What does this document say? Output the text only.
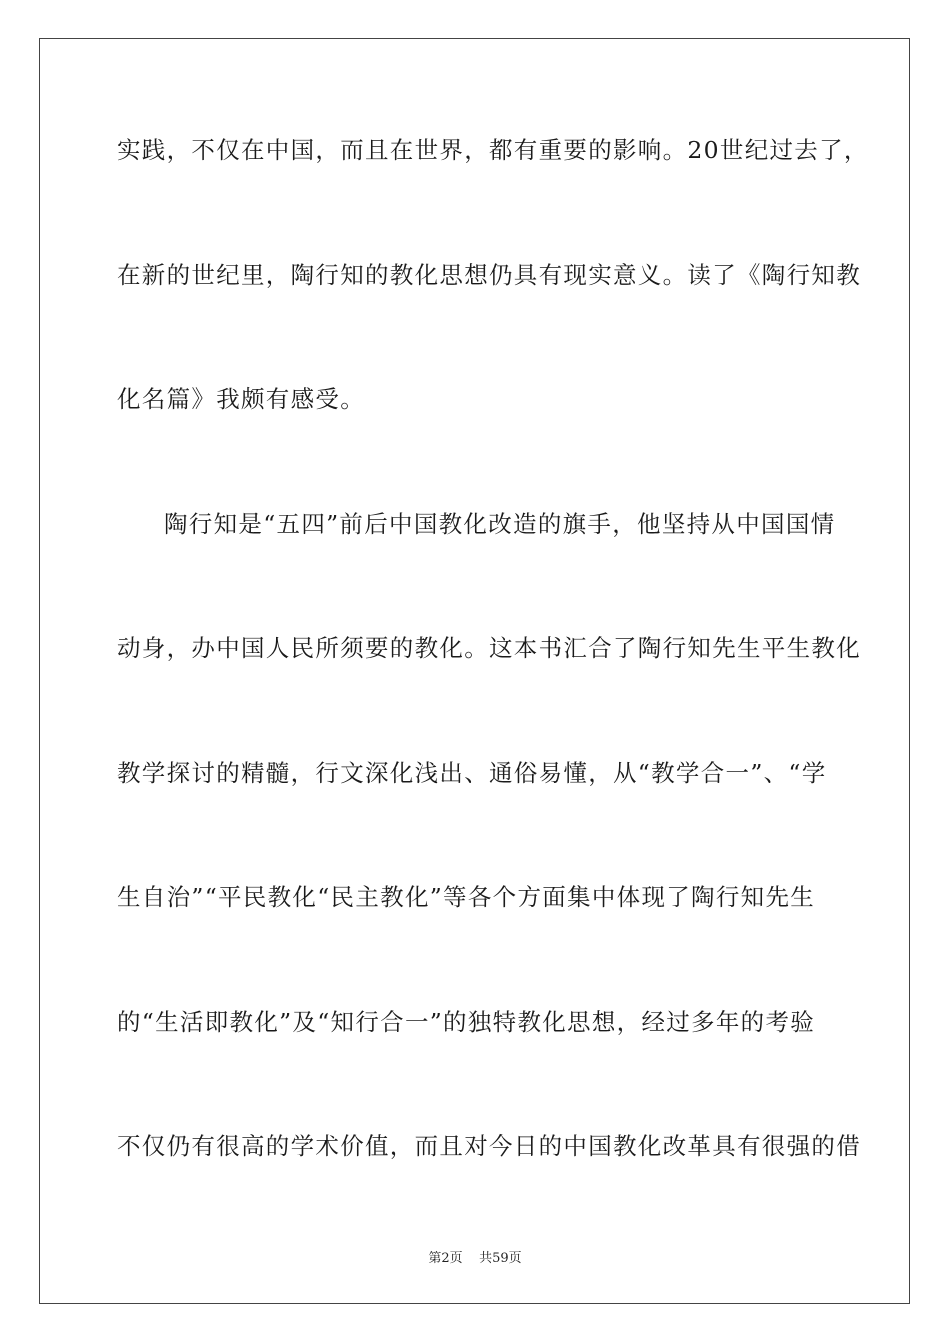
实践，不仅在中国，而且在世界，都有重要的影响。20世纪过去了，
在新的世纪里，陶行知的教化思想仍具有现实意义。读了《陶行知教
化名篇》我颇有感受。
陶行知是“五四”前后中国教化改造的旗手，他坚持从中国国情
动身，办中国人民所须要的教化。这本书汇合了陶行知先生平生教化
教学探讨的精髓，行文深化浅出、通俗易懂，从“教学合一”、“学
生自治”“平民教化“民主教化”等各个方面集中体现了陶行知先生
的“生活即教化”及“知行合一”的独特教化思想，经过多年的考验
不仅仍有很高的学术价值，而且对今日的中国教化改革具有很强的借
第2页 共59页
